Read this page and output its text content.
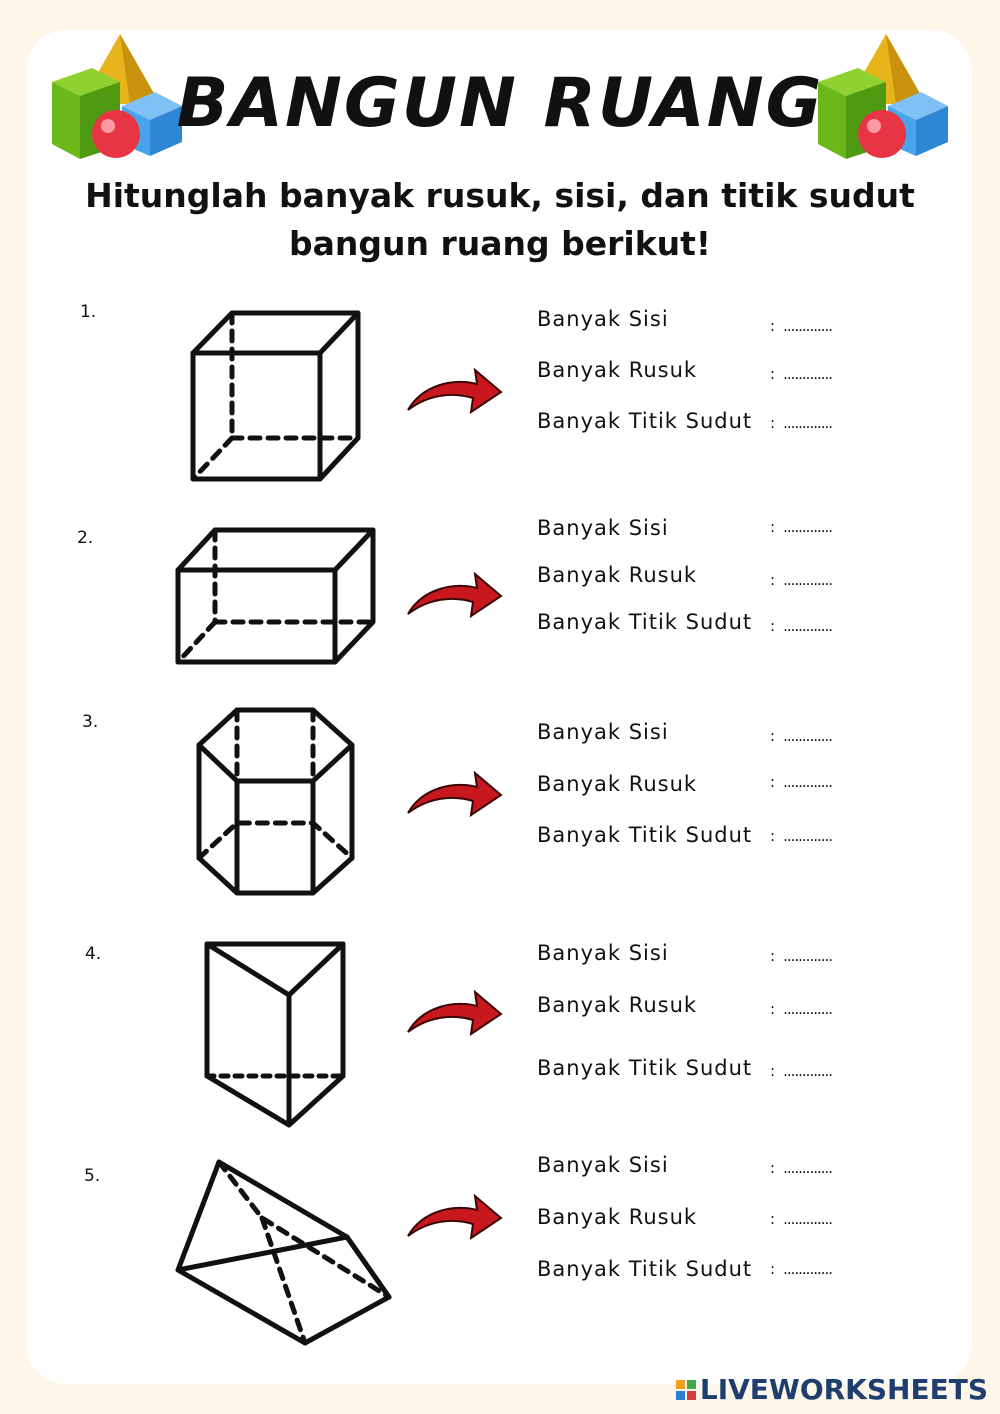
BANGUN RUANG
Hitunglah banyak rusuk, sisi, dan titik sudut bangun ruang berikut!
1.
2.
3.
4.
5.
Banyak Sisi	: .............
Banyak Rusuk	: .............
Banyak Titik Sudut : .............
Banyak Sisi	: .............
Banyak Rusuk	: .............
Banyak Titik Sudut : .............
Banyak Sisi	: .............
Banyak Rusuk	: .............
Banyak Titik Sudut : .............
Banyak Sisi	: .............
Banyak Rusuk	: .............
Banyak Titik Sudut : .............
Banyak Sisi	: .............
Banyak Rusuk	: .............
Banyak Titik Sudut : .............
LIVEWORKSHEETS
